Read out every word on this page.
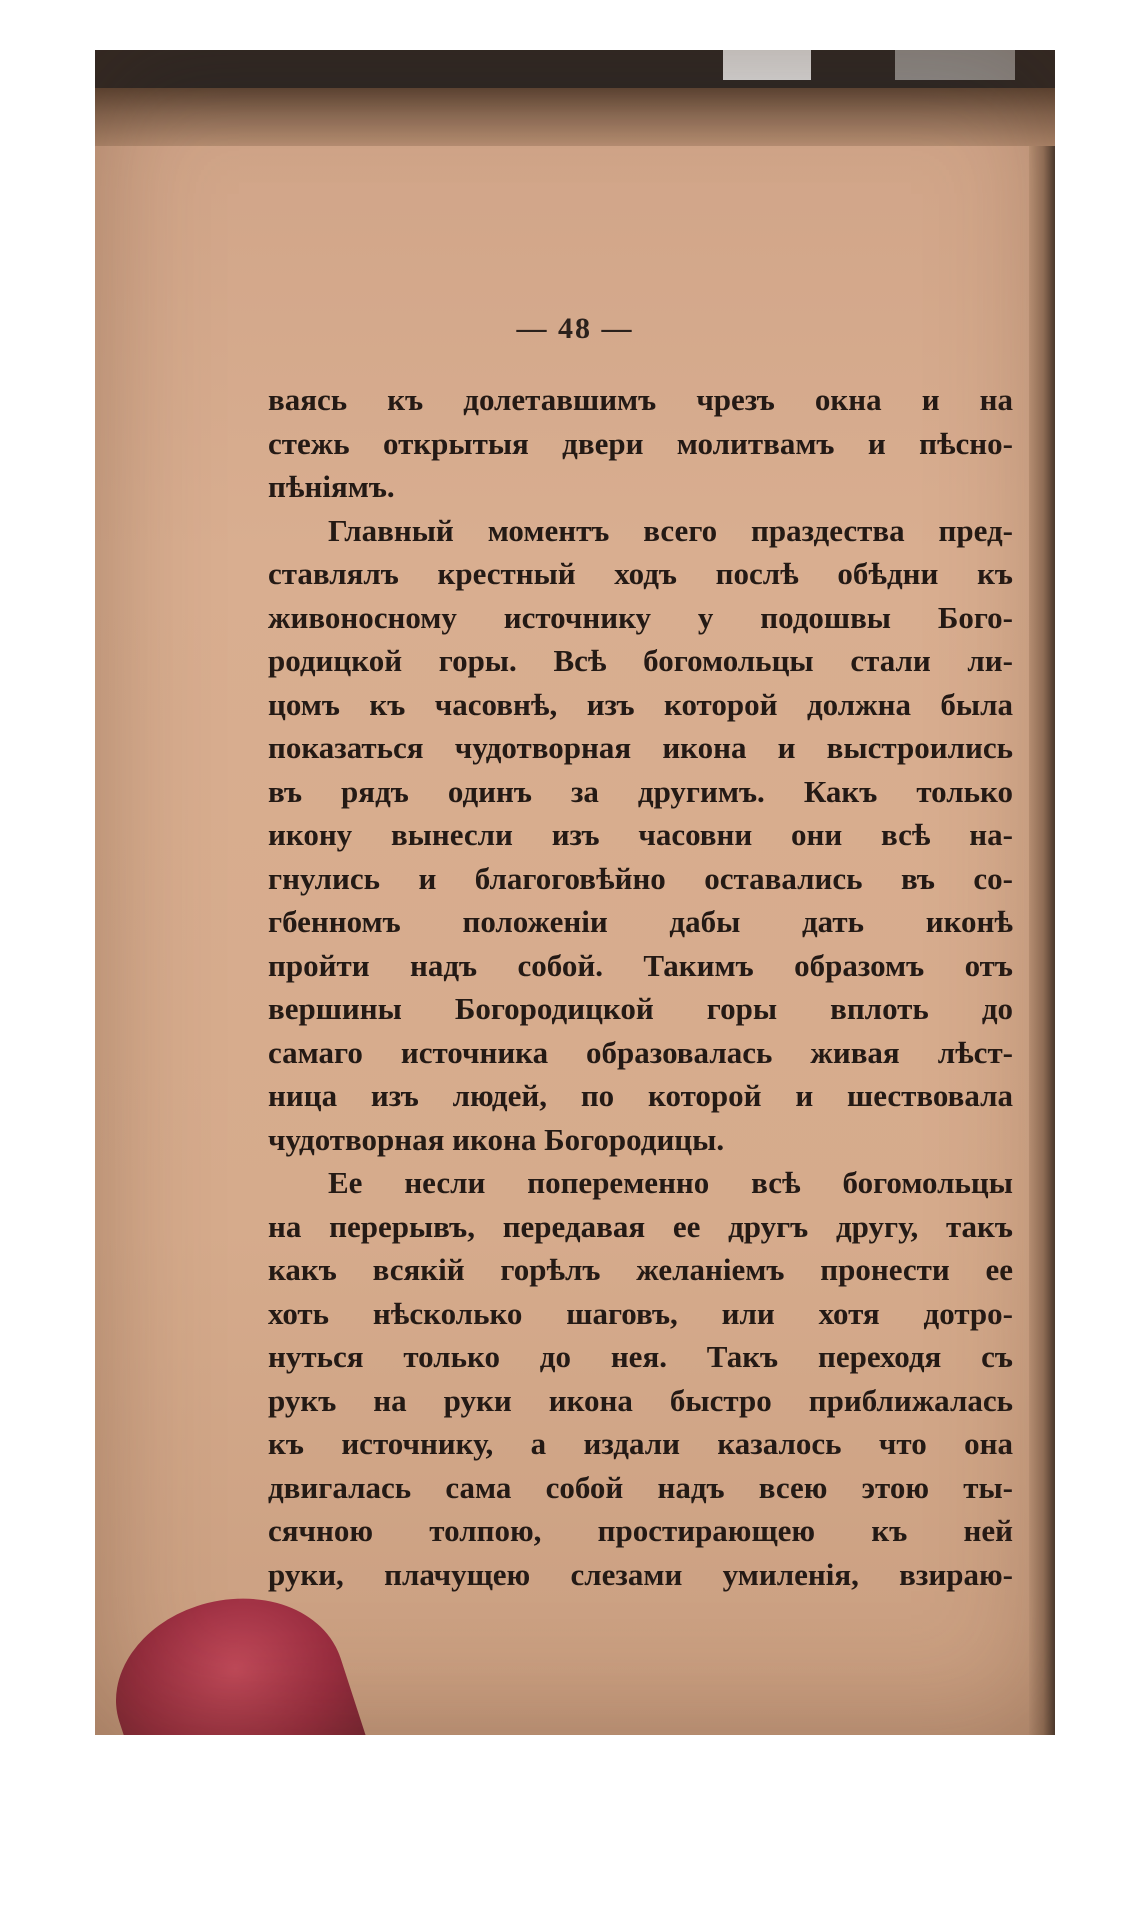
— 48 —
ваясь къ долетавшимъ чрезъ окна и на
стежь открытыя двери молитвамъ и пѣсно-
пѣніямъ.
Главный моментъ всего праздества пред-
ставлялъ крестный ходъ послѣ обѣдни къ
живоносному источнику у подошвы Бого-
родицкой горы. Всѣ богомольцы стали ли-
цомъ къ часовнѣ, изъ которой должна была
показаться чудотворная икона и выстроились
въ рядъ одинъ за другимъ. Какъ только
икону вынесли изъ часовни они всѣ на-
гнулись и благоговѣйно оставались въ со-
гбенномъ положенiи дабы дать иконѣ
пройти надъ собой. Такимъ образомъ отъ
вершины Богородицкой горы вплоть до
самаго источника образовалась живая лѣст-
ница изъ людей, по которой и шествовала
чудотворная икона Богородицы.
Ее несли попеременно всѣ богомольцы
на перерывъ, передавая ее другъ другу, такъ
какъ всякiй горѣлъ желанiемъ пронести ее
хоть нѣсколько шаговъ, или хотя дотро-
нуться только до нея. Такъ переходя съ
рукъ на руки икона быстро приближалась
къ источнику, а издали казалось что она
двигалась сама собой надъ всею этою ты-
сячною толпою, простирающею къ ней
руки, плачущею слезами умиленiя, взираю-
